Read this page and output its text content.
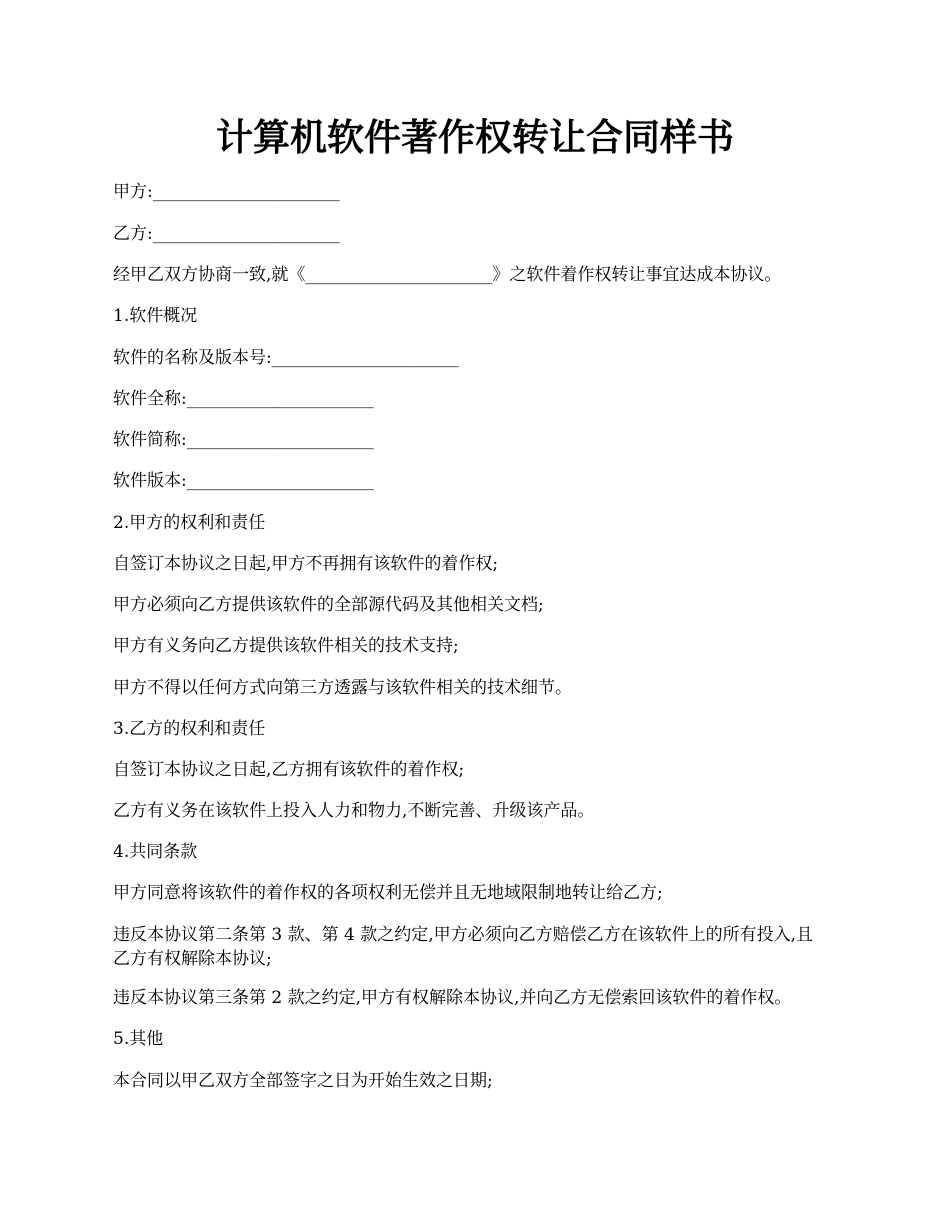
计算机软件著作权转让合同样书

甲方:______________________

乙方:______________________

经甲乙双方协商一致,就《______________________》之软件着作权转让事宜达成本协议。

1.软件概况

软件的名称及版本号:______________________

软件全称:______________________

软件简称:______________________

软件版本:______________________

2.甲方的权利和责任

自签订本协议之日起,甲方不再拥有该软件的着作权;

甲方必须向乙方提供该软件的全部源代码及其他相关文档;

甲方有义务向乙方提供该软件相关的技术支持;

甲方不得以任何方式向第三方透露与该软件相关的技术细节。

3.乙方的权利和责任

自签订本协议之日起,乙方拥有该软件的着作权;

乙方有义务在该软件上投入人力和物力,不断完善、升级该产品。

4.共同条款

甲方同意将该软件的着作权的各项权利无偿并且无地域限制地转让给乙方;

违反本协议第二条第 3 款、第 4 款之约定,甲方必须向乙方赔偿乙方在该软件上的所有投入,且乙方有权解除本协议;

违反本协议第三条第 2 款之约定,甲方有权解除本协议,并向乙方无偿索回该软件的着作权。

5.其他

本合同以甲乙双方全部签字之日为开始生效之日期;
